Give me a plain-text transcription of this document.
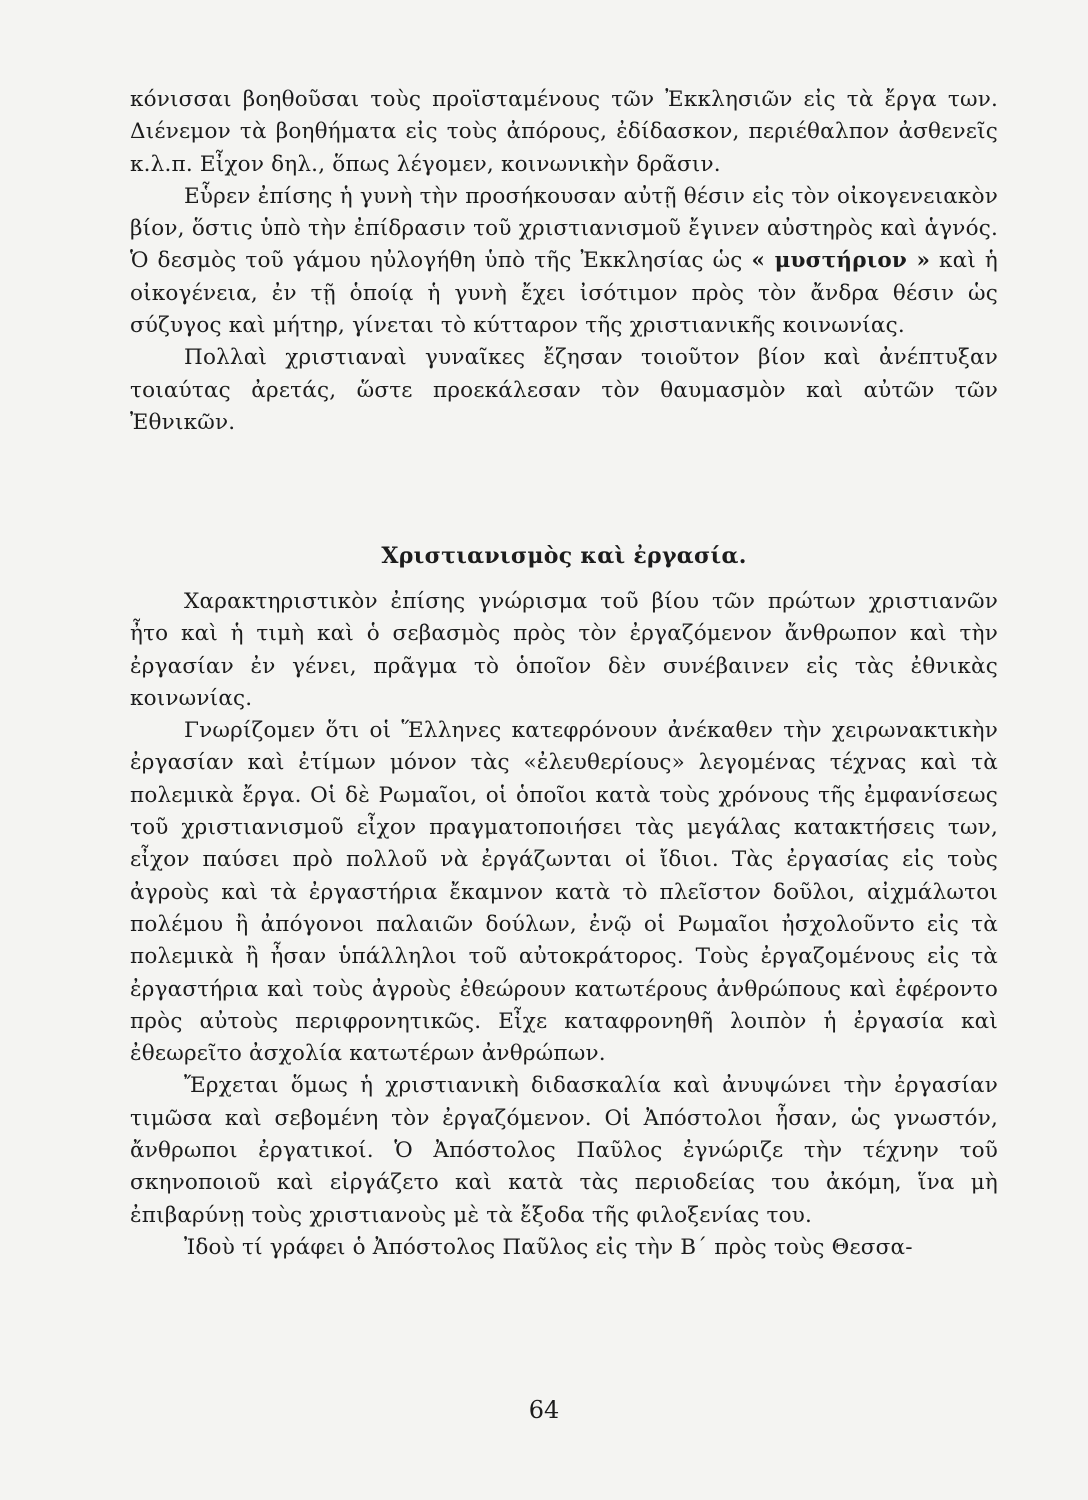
κόνισσαι βοηθοῦσαι τοὺς προϊσταμένους τῶν Ἐκκλησιῶν εἰς τὰ ἔργα των. Διένεμον τὰ βοηθήματα εἰς τοὺς ἀπόρους, ἐδίδασκον, περιέθαλπον ἀσθενεῖς κ.λ.π. Εἶχον δηλ., ὅπως λέγομεν, κοινωνικὴν δρᾶσιν.

Εὗρεν ἐπίσης ἡ γυνὴ τὴν προσήκουσαν αὐτῇ θέσιν εἰς τὸν οἰκογενειακὸν βίον, ὅστις ὑπὸ τὴν ἐπίδρασιν τοῦ χριστιανισμοῦ ἔγινεν αὐστηρὸς καὶ ἁγνός. Ὁ δεσμὸς τοῦ γάμου ηὐλογήθη ὑπὸ τῆς Ἐκκλησίας ὡς « μυστήριον » καὶ ἡ οἰκογένεια, ἐν τῇ ὁποίᾳ ἡ γυνὴ ἔχει ἰσότιμον πρὸς τὸν ἄνδρα θέσιν ὡς σύζυγος καὶ μήτηρ, γίνεται τὸ κύτταρον τῆς χριστιανικῆς κοινωνίας.

Πολλαὶ χριστιαναὶ γυναῖκες ἔζησαν τοιοῦτον βίον καὶ ἀνέπτυξαν τοιαύτας ἀρετάς, ὥστε προεκάλεσαν τὸν θαυμασμὸν καὶ αὐτῶν τῶν Ἐθνικῶν.

Χριστιανισμὸς καὶ ἐργασία.

Χαρακτηριστικὸν ἐπίσης γνώρισμα τοῦ βίου τῶν πρώτων χριστιανῶν ἦτο καὶ ἡ τιμὴ καὶ ὁ σεβασμὸς πρὸς τὸν ἐργαζόμενον ἄνθρωπον καὶ τὴν ἐργασίαν ἐν γένει, πρᾶγμα τὸ ὁποῖον δὲν συνέβαινεν εἰς τὰς ἐθνικὰς κοινωνίας.

Γνωρίζομεν ὅτι οἱ Ἕλληνες κατεφρόνουν ἀνέκαθεν τὴν χειρωνακτικὴν ἐργασίαν καὶ ἐτίμων μόνον τὰς «ἐλευθερίους» λεγομένας τέχνας καὶ τὰ πολεμικὰ ἔργα. Οἱ δὲ Ρωμαῖοι, οἱ ὁποῖοι κατὰ τοὺς χρόνους τῆς ἐμφανίσεως τοῦ χριστιανισμοῦ εἶχον πραγματοποιήσει τὰς μεγάλας κατακτήσεις των, εἶχον παύσει πρὸ πολλοῦ νὰ ἐργάζωνται οἱ ἴδιοι. Τὰς ἐργασίας εἰς τοὺς ἀγροὺς καὶ τὰ ἐργαστήρια ἔκαμνον κατὰ τὸ πλεῖστον δοῦλοι, αἰχμάλωτοι πολέμου ἢ ἀπόγονοι παλαιῶν δούλων, ἐνῷ οἱ Ρωμαῖοι ἠσχολοῦντο εἰς τὰ πολεμικὰ ἢ ἦσαν ὑπάλληλοι τοῦ αὐτοκράτορος. Τοὺς ἐργαζομένους εἰς τὰ ἐργαστήρια καὶ τοὺς ἀγροὺς ἐθεώρουν κατωτέρους ἀνθρώπους καὶ ἐφέροντο πρὸς αὐτοὺς περιφρονητικῶς. Εἶχε καταφρονηθῆ λοιπὸν ἡ ἐργασία καὶ ἐθεωρεῖτο ἀσχολία κατωτέρων ἀνθρώπων.

Ἔρχεται ὅμως ἡ χριστιανικὴ διδασκαλία καὶ ἀνυψώνει τὴν ἐργασίαν τιμῶσα καὶ σεβομένη τὸν ἐργαζόμενον. Οἱ Ἀπόστολοι ἦσαν, ὡς γνωστόν, ἄνθρωποι ἐργατικοί. Ὁ Ἀπόστολος Παῦλος ἐγνώριζε τὴν τέχνην τοῦ σκηνοποιοῦ καὶ εἰργάζετο καὶ κατὰ τὰς περιοδείας του ἀκόμη, ἵνα μὴ ἐπιβαρύνῃ τοὺς χριστιανοὺς μὲ τὰ ἔξοδα τῆς φιλοξενίας του.

Ἰδοὺ τί γράφει ὁ Ἀπόστολος Παῦλος εἰς τὴν Β΄ πρὸς τοὺς Θεσσα-

64
